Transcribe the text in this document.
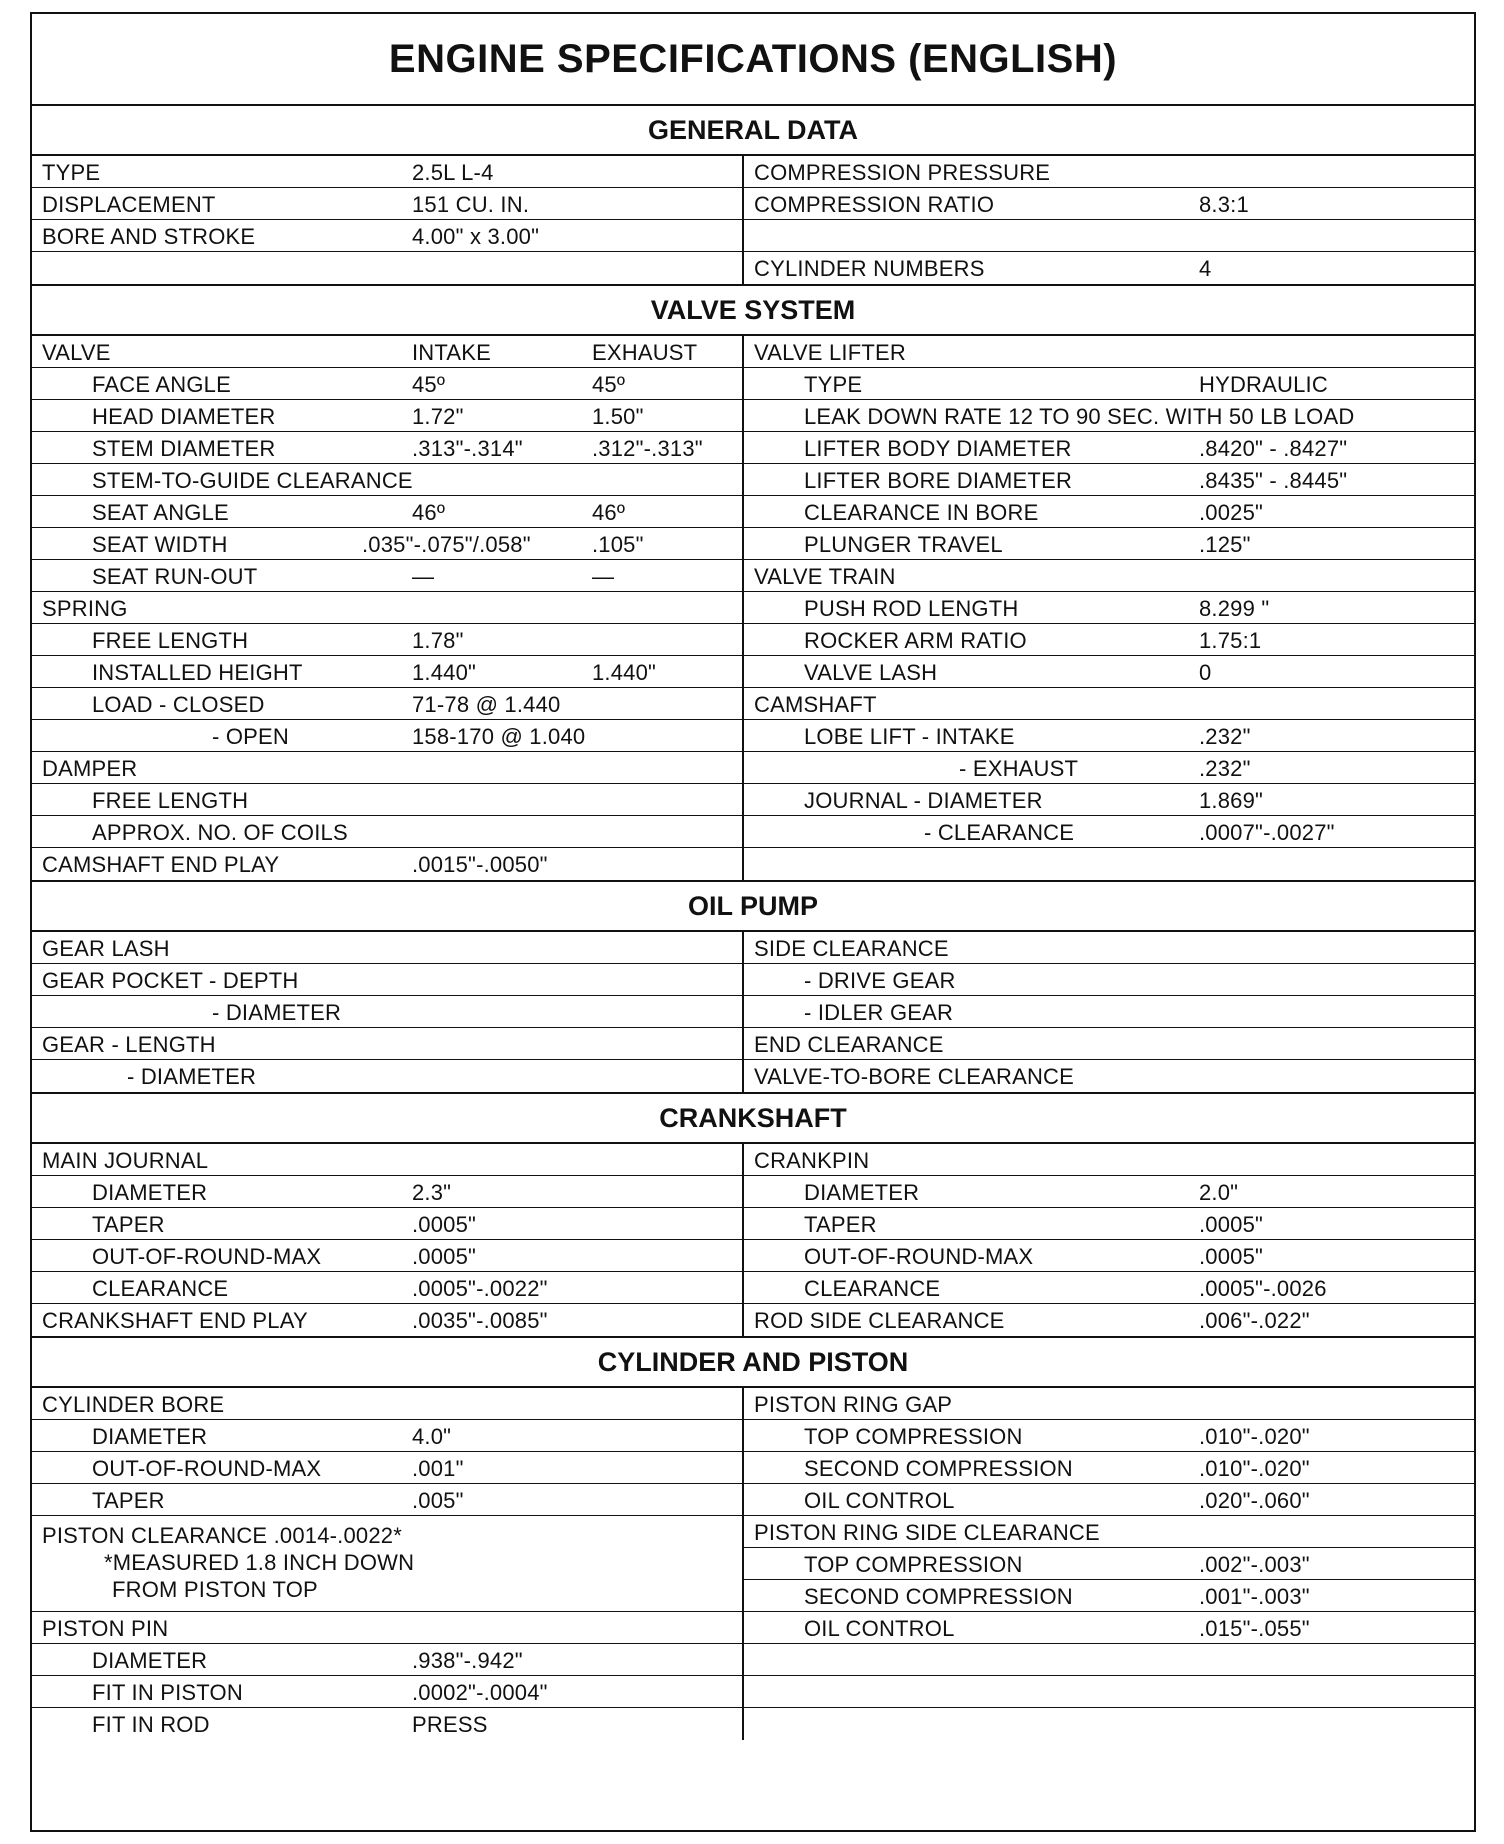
ENGINE SPECIFICATIONS (ENGLISH)
GENERAL DATA
TYPE	2.5L L-4
DISPLACEMENT	151 CU. IN.
BORE AND STROKE	4.00" x 3.00"
COMPRESSION PRESSURE
COMPRESSION RATIO	8.3:1
CYLINDER NUMBERS	4
VALVE SYSTEM
VALVE	INTAKE	EXHAUST
FACE ANGLE	45º	45º
HEAD DIAMETER	1.72"	1.50"
STEM DIAMETER	.313"-.314"	.312"-.313"
STEM-TO-GUIDE CLEARANCE
SEAT ANGLE	46º	46º
SEAT WIDTH	.035"-.075"/.058"	.105"
SEAT RUN-OUT	—	—
SPRING
FREE LENGTH	1.78"
INSTALLED HEIGHT	1.440"	1.440"
LOAD - CLOSED	71-78 @ 1.440
- OPEN	158-170 @ 1.040
DAMPER
FREE LENGTH
APPROX. NO. OF COILS
CAMSHAFT END PLAY	.0015"-.0050"
VALVE LIFTER
TYPE	HYDRAULIC
LEAK DOWN RATE 12 TO 90 SEC. WITH 50 LB LOAD
LIFTER BODY DIAMETER	.8420" - .8427"
LIFTER BORE DIAMETER	.8435" - .8445"
CLEARANCE IN BORE	.0025"
PLUNGER TRAVEL	.125"
VALVE TRAIN
PUSH ROD LENGTH	8.299 "
ROCKER ARM RATIO	1.75:1
VALVE LASH	0
CAMSHAFT
LOBE LIFT - INTAKE	.232"
- EXHAUST	.232"
JOURNAL - DIAMETER	1.869"
- CLEARANCE	.0007"-.0027"
OIL PUMP
GEAR LASH
GEAR POCKET - DEPTH
- DIAMETER
GEAR - LENGTH
- DIAMETER
SIDE CLEARANCE
- DRIVE GEAR
- IDLER GEAR
END CLEARANCE
VALVE-TO-BORE CLEARANCE
CRANKSHAFT
MAIN JOURNAL
DIAMETER	2.3"
TAPER	.0005"
OUT-OF-ROUND-MAX	.0005"
CLEARANCE	.0005"-.0022"
CRANKSHAFT END PLAY	.0035"-.0085"
CRANKPIN
DIAMETER	2.0"
TAPER	.0005"
OUT-OF-ROUND-MAX	.0005"
CLEARANCE	.0005"-.0026
ROD SIDE CLEARANCE	.006"-.022"
CYLINDER AND PISTON
CYLINDER BORE
DIAMETER	4.0"
OUT-OF-ROUND-MAX	.001"
TAPER	.005"
PISTON CLEARANCE .0014-.0022*
*MEASURED 1.8 INCH DOWN
FROM PISTON TOP
PISTON PIN
DIAMETER	.938"-.942"
FIT IN PISTON	.0002"-.0004"
FIT IN ROD	PRESS
PISTON RING GAP
TOP COMPRESSION	.010"-.020"
SECOND COMPRESSION	.010"-.020"
OIL CONTROL	.020"-.060"
PISTON RING SIDE CLEARANCE
TOP COMPRESSION	.002"-.003"
SECOND COMPRESSION	.001"-.003"
OIL CONTROL	.015"-.055"
